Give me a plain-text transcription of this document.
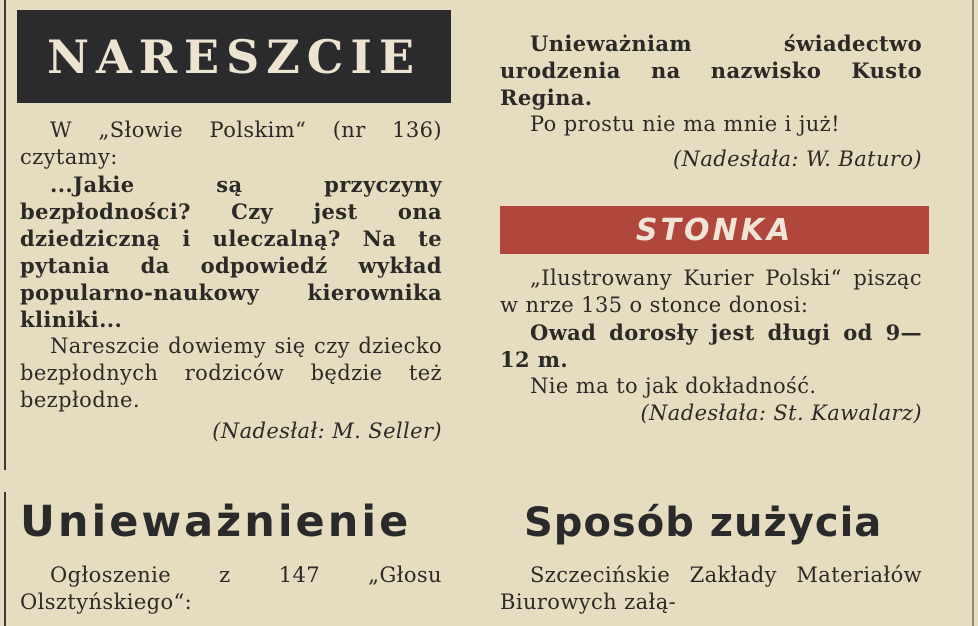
NARESZCIE

W „Słowie Polskim“ (nr 136) czytamy:

...Jakie są przyczyny bezpłodności? Czy jest ona dziedziczną i uleczalną? Na te pytania da odpowiedź wykład popularno-naukowy kierownika kliniki...

Nareszcie dowiemy się czy dziecko bezpłodnych rodziców będzie też bezpłodne.

(Nadesłał: M. Seller)

Unieważnienie

Ogłoszenie z 147 „Głosu Olsztyńskiego“:

Unieważniam świadectwo urodzenia na nazwisko Kusto Regina.

Po prostu nie ma mnie i już!

(Nadesłała: W. Baturo)

STONKA

„Ilustrowany Kurier Polski“ pisząc w nrze 135 o stonce donosi:

Owad dorosły jest długi od 9—12 m.

Nie ma to jak dokładność.

(Nadesłała: St. Kawalarz)

Sposób zużycia

Szczecińskie Zakłady Materiałów Biurowych załą-
